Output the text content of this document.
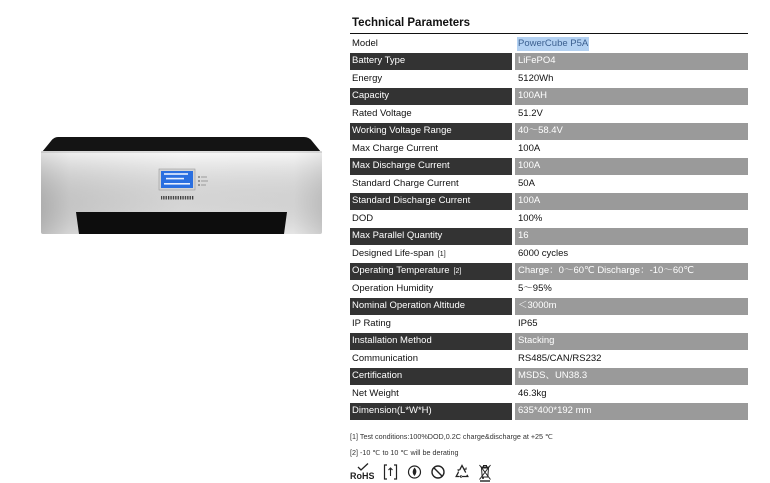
Technical Parameters
Model	PowerCube P5A
Battery Type	LiFePO4
Energy	5120Wh
Capacity	100AH
Rated Voltage	51.2V
Working Voltage Range	40～58.4V
Max Charge Current	100A
Max Discharge Current	100A
Standard Charge Current	50A
Standard Discharge Current	100A
DOD	100%
Max Parallel Quantity	16
Designed Life-span [1]	6000 cycles
Operating Temperature [2]	Charge：0～60℃ Discharge：-10～60℃
Operation Humidity	5～95%
Nominal Operation Altitude	＜3000m
IP Rating	IP65
Installation Method	Stacking
Communication	RS485/CAN/RS232
Certification	MSDS、UN38.3
Net Weight	46.3kg
Dimension(L*W*H)	635*400*192 mm
[1] Test conditions:100%DOD,0.2C charge&discharge at +25 ℃
[2] -10 ℃ to 10 ℃ will be derating
RoHS
